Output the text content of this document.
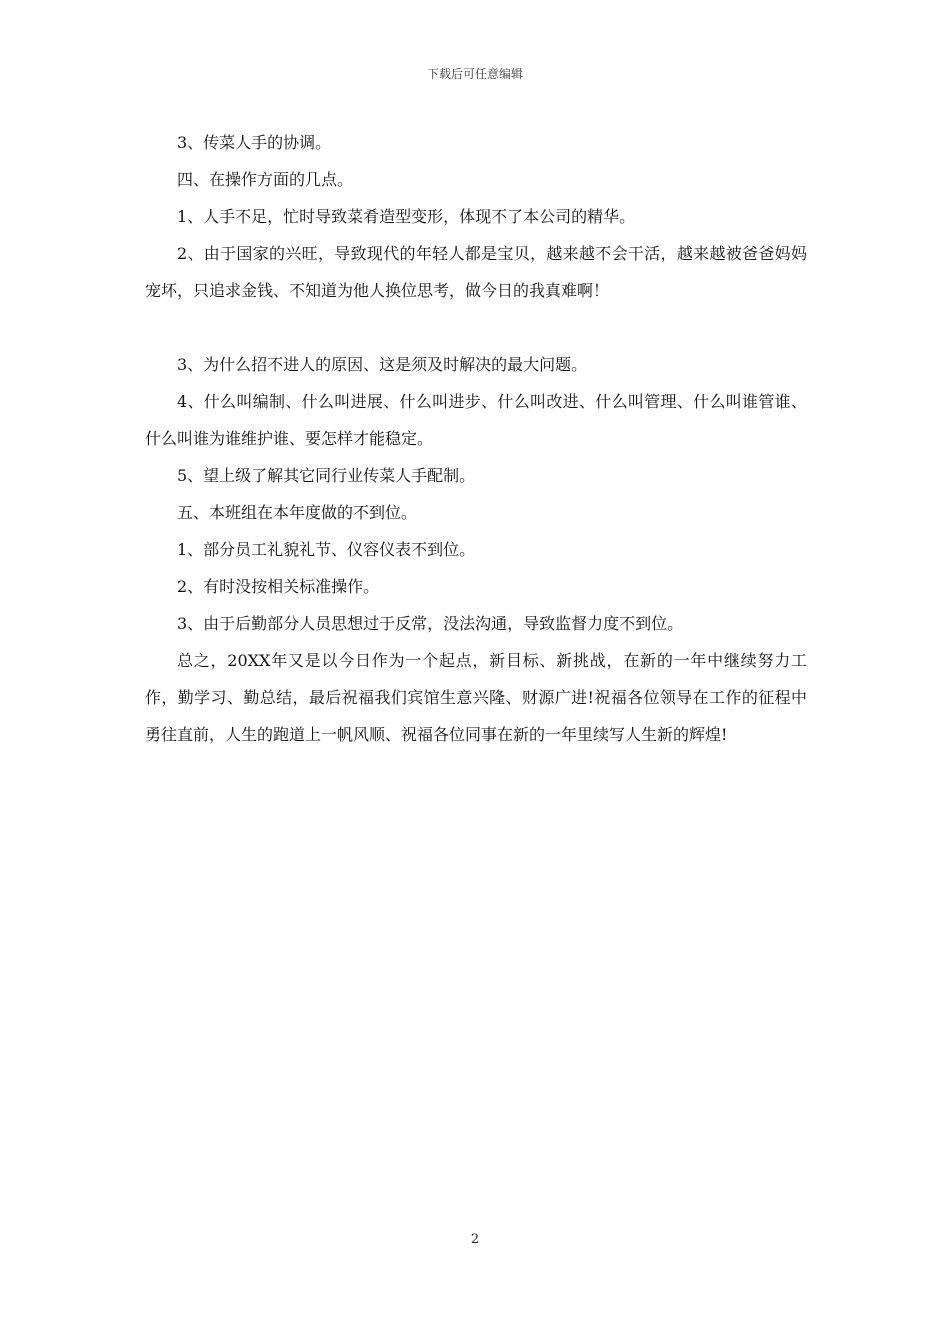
下载后可任意编辑

3、传菜人手的协调。

四、在操作方面的几点。

1、人手不足，忙时导致菜肴造型变形，体现不了本公司的精华。

2、由于国家的兴旺，导致现代的年轻人都是宝贝，越来越不会干活，越来越被爸爸妈妈宠坏，只追求金钱、不知道为他人换位思考，做今日的我真难啊！

3、为什么招不进人的原因、这是须及时解决的最大问题。

4、什么叫编制、什么叫进展、什么叫进步、什么叫改进、什么叫管理、什么叫谁管谁、什么叫谁为谁维护谁、要怎样才能稳定。

5、望上级了解其它同行业传菜人手配制。

五、本班组在本年度做的不到位。

1、部分员工礼貌礼节、仪容仪表不到位。

2、有时没按相关标准操作。

3、由于后勤部分人员思想过于反常，没法沟通，导致监督力度不到位。

总之，20XX年又是以今日作为一个起点，新目标、新挑战，在新的一年中继续努力工作，勤学习、勤总结，最后祝福我们宾馆生意兴隆、财源广进!祝福各位领导在工作的征程中勇往直前，人生的跑道上一帆风顺、祝福各位同事在新的一年里续写人生新的辉煌!

2
